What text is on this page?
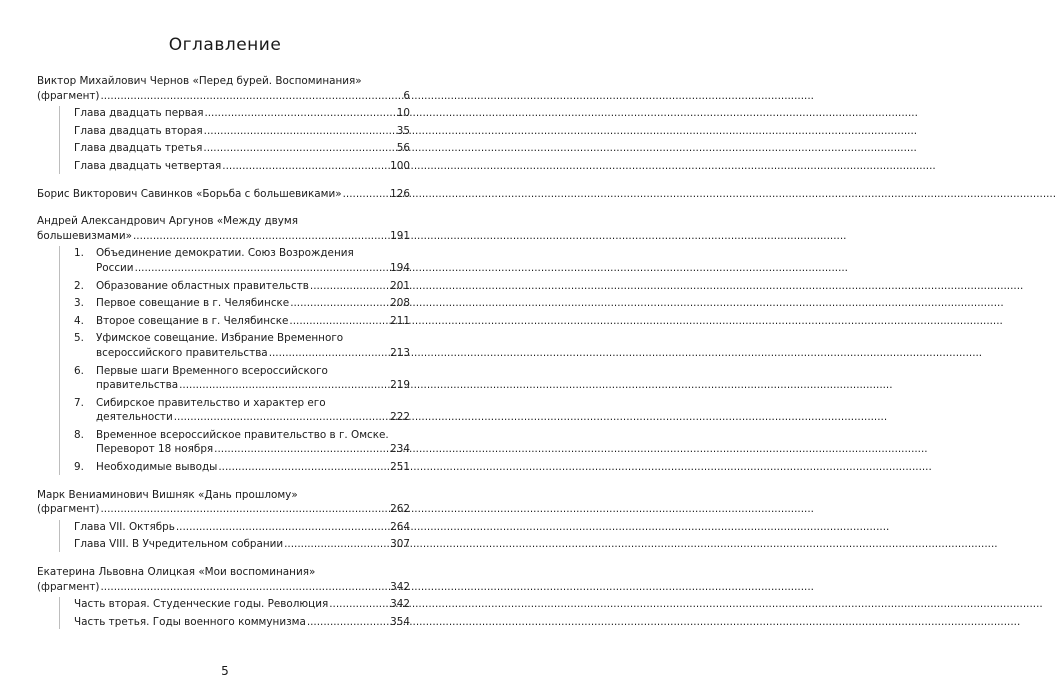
Оглавление
Виктор Михайлович Чернов «Перед бурей. Воспоминания»
(фрагмент) .....	6
Глава двадцать первая .....	10
Глава двадцать вторая .....	35
Глава двадцать третья .....	56
Глава двадцать четвертая .....	100
Борис Викторович Савинков «Борьба с большевиками» .....	126
Андрей Александрович Аргунов «Между двумя
большевизмами» .....	191
1.	Объединение демократии. Союз Возрождения
России .....	194
2.	Образование областных правительств .....	201
3.	Первое совещание в г. Челябинске .....	208
4.	Второе совещание в г. Челябинске .....	211
5.	Уфимское совещание. Избрание Временного
всероссийского правительства .....	213
6.	Первые шаги Временного всероссийского
правительства .....	219
7.	Сибирское правительство и характер его
деятельности .....	222
8.	Временное всероссийское правительство в г. Омске.
Переворот 18 ноября .....	234
9.	Необходимые выводы .....	251
Марк Вениаминович Вишняк «Дань прошлому»
(фрагмент) .....	262
Глава VII. Октябрь .....	264
Глава VIII. В Учредительном собрании .....	307
Екатерина Львовна Олицкая «Мои воспоминания»
(фрагмент) .....	342
Часть вторая. Студенческие годы. Революция .....	342
Часть третья. Годы военного коммунизма .....	354
5
